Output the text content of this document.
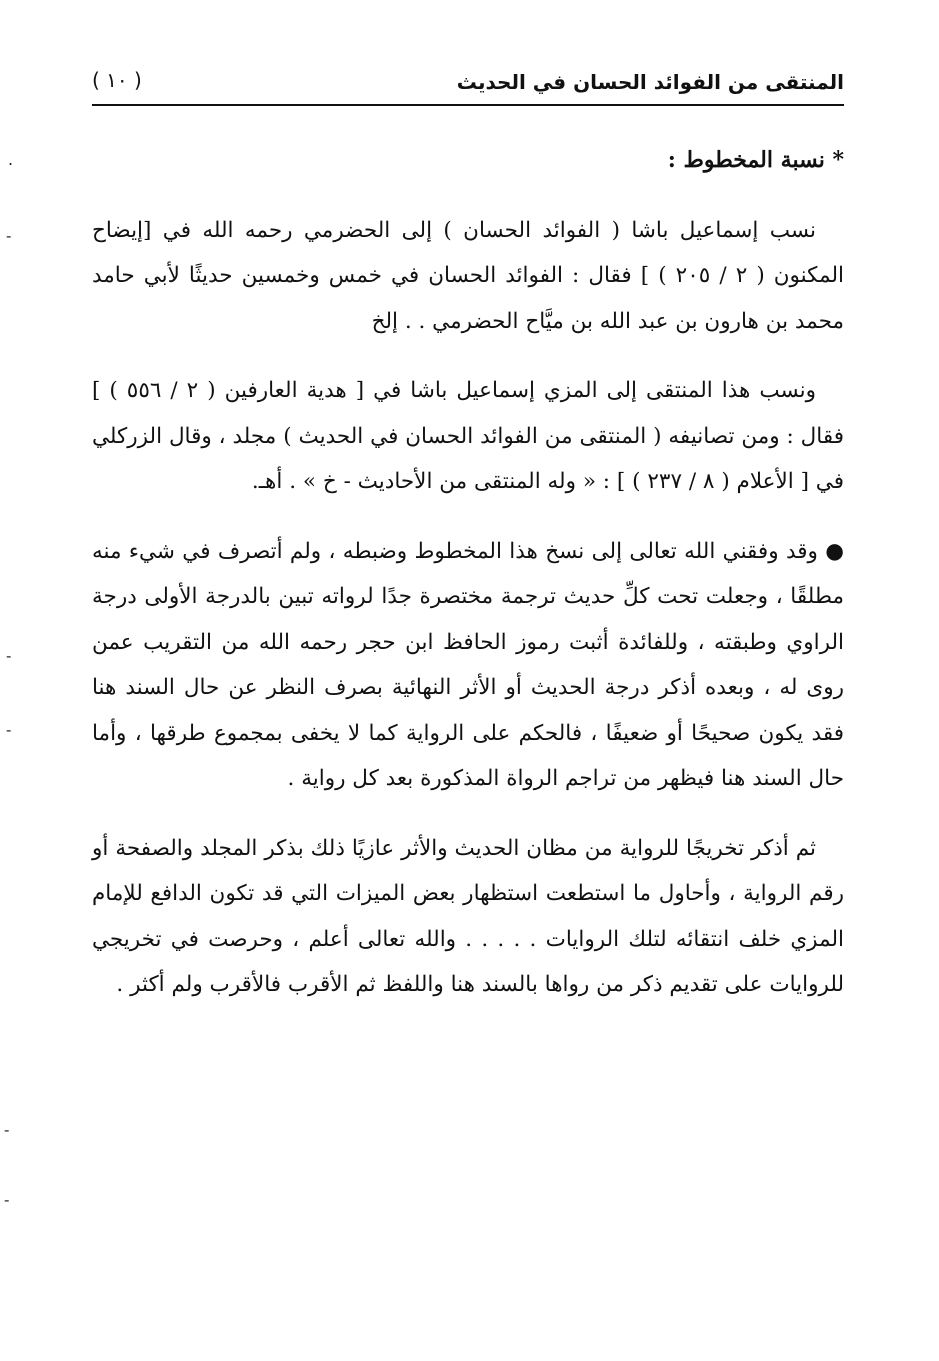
المنتقى من الفوائد الحسان في الحديث
( ١٠ )
* نسبة المخطوط :

نسب إسماعيل باشا ( الفوائد الحسان ) إلى الحضرمي رحمه الله في [إيضاح المكنون ( ٢ / ٢٠٥ ) ] فقال : الفوائد الحسان في خمس وخمسين حديثًا لأبي حامد محمد بن هارون بن عبد الله بن ميَّاح الحضرمي . . إلخ

ونسب هذا المنتقى إلى المزي إسماعيل باشا في [ هدية العارفين ( ٢ / ٥٥٦ ) ] فقال : ومن تصانيفه ( المنتقى من الفوائد الحسان في الحديث ) مجلد ، وقال الزركلي في [ الأعلام ( ٨ / ٢٣٧ ) ] : « وله المنتقى من الأحاديث - خ » . أهـ.

● وقد وفقني الله تعالى إلى نسخ هذا المخطوط وضبطه ، ولم أتصرف في شيء منه مطلقًا ، وجعلت تحت كلِّ حديث ترجمة مختصرة جدًا لرواته تبين بالدرجة الأولى درجة الراوي وطبقته ، وللفائدة أثبت رموز الحافظ ابن حجر رحمه الله من التقريب عمن روى له ، وبعده أذكر درجة الحديث أو الأثر النهائية بصرف النظر عن حال السند هنا فقد يكون صحيحًا أو ضعيفًا ، فالحكم على الرواية كما لا يخفى بمجموع طرقها ، وأما حال السند هنا فيظهر من تراجم الرواة المذكورة بعد كل رواية .

ثم أذكر تخريجًا للرواية من مظان الحديث والأثر عازيًا ذلك بذكر المجلد والصفحة أو رقم الرواية ، وأحاول ما استطعت استظهار بعض الميزات التي قد تكون الدافع للإمام المزي خلف انتقائه لتلك الروايات . . . . . والله تعالى أعلم ، وحرصت في تخريجي للروايات على تقديم ذكر من رواها بالسند هنا واللفظ ثم الأقرب فالأقرب ولم أكثر .

.
-
-
-
-
-
